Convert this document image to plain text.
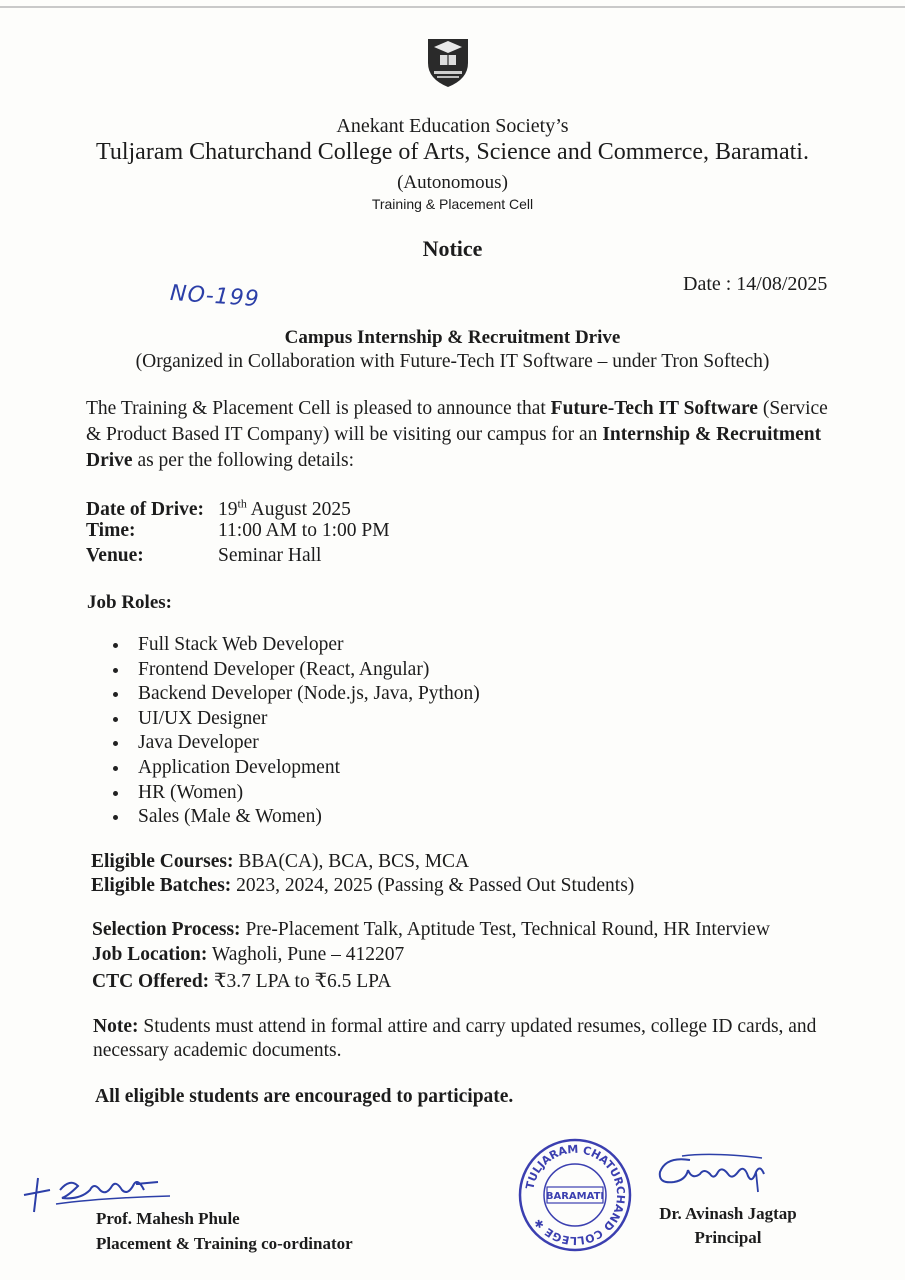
Anekant Education Society’s
Tuljaram Chaturchand College of Arts, Science and Commerce, Baramati.
(Autonomous)
Training & Placement Cell
Notice
NO-199	Date : 14/08/2025
Campus Internship & Recruitment Drive
(Organized in Collaboration with Future-Tech IT Software – under Tron Softech)
The Training & Placement Cell is pleased to announce that Future-Tech IT Software (Service & Product Based IT Company) will be visiting our campus for an Internship & Recruitment Drive as per the following details:
Date of Drive: 19th August 2025
Time:	11:00 AM to 1:00 PM
Venue:	Seminar Hall
Job Roles:
Full Stack Web Developer
Frontend Developer (React, Angular)
Backend Developer (Node.js, Java, Python)
UI/UX Designer
Java Developer
Application Development
HR (Women)
Sales (Male & Women)
Eligible Courses: BBA(CA), BCA, BCS, MCA
Eligible Batches: 2023, 2024, 2025 (Passing & Passed Out Students)
Selection Process: Pre-Placement Talk, Aptitude Test, Technical Round, HR Interview
Job Location: Wagholi, Pune – 412207
CTC Offered: ₹3.7 LPA to ₹6.5 LPA
Note: Students must attend in formal attire and carry updated resumes, college ID cards, and necessary academic documents.
All eligible students are encouraged to participate.
Prof. Mahesh Phule
Placement & Training co-ordinator
TULJARAM CHATURCHAND COLLEGE ✱
BARAMATI
Dr. Avinash Jagtap
Principal
